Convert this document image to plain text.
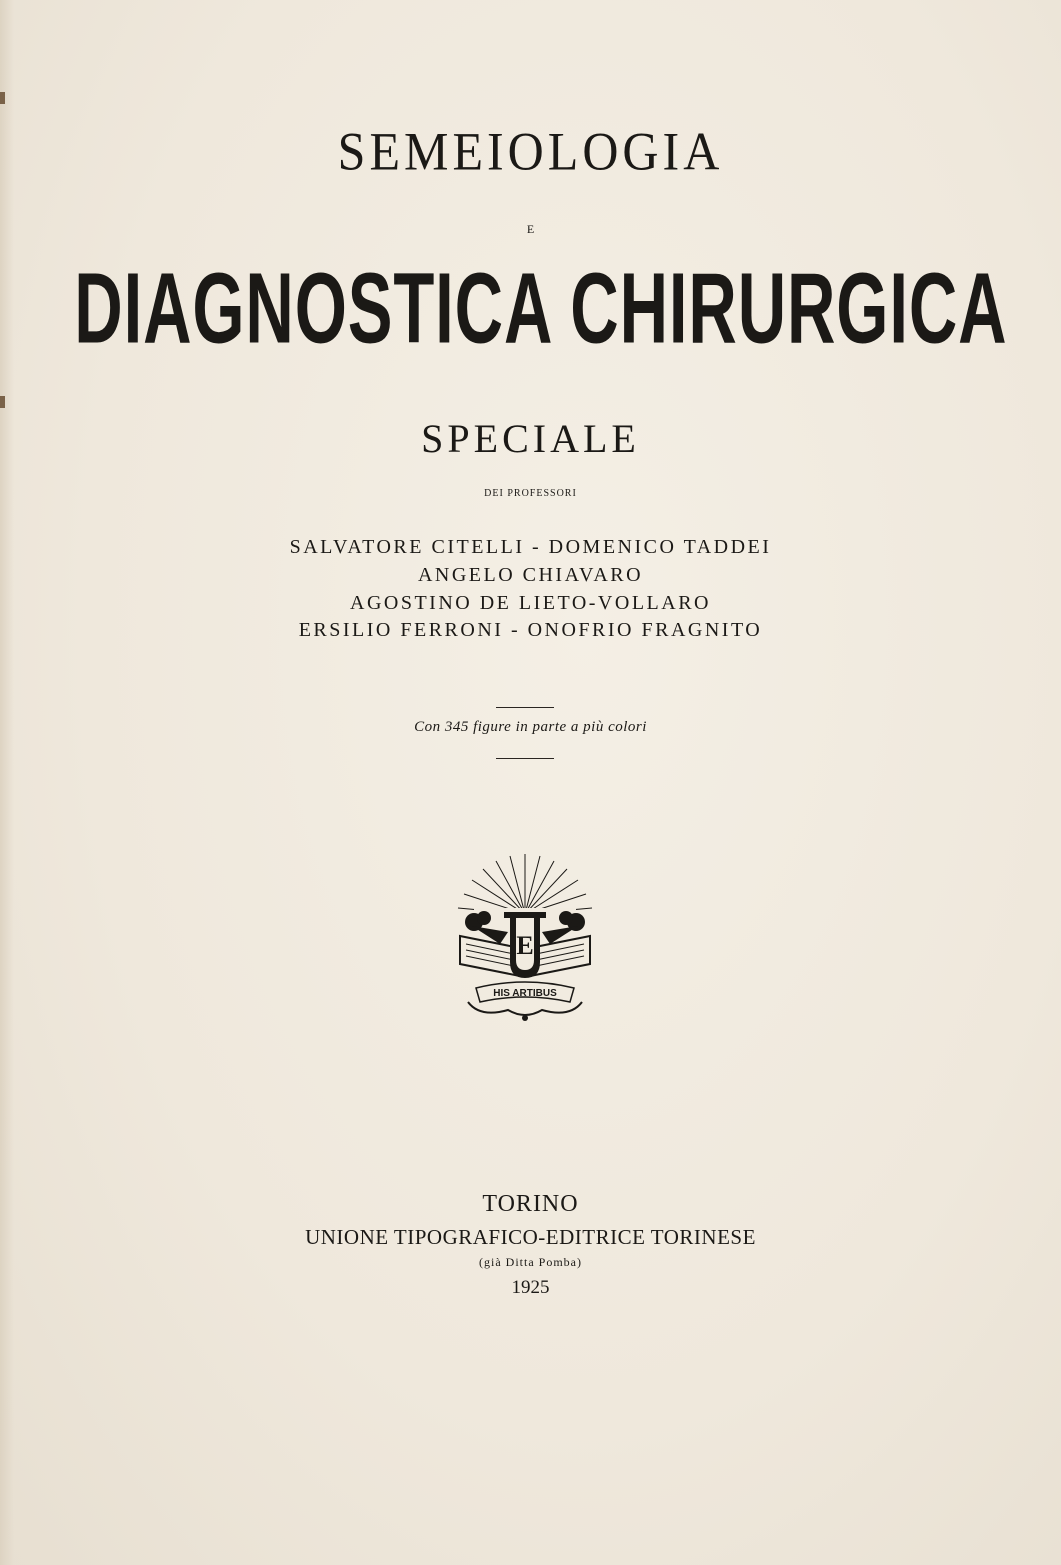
SEMEIOLOGIA
E
DIAGNOSTICA CHIRURGICA
SPECIALE
DEI PROFESSORI
SALVATORE CITELLI - DOMENICO TADDEI
ANGELO CHIAVARO
AGOSTINO DE LIETO-VOLLARO
ERSILIO FERRONI - ONOFRIO FRAGNITO
Con 345 figure in parte a più colori
E
HIS ARTIBUS
TORINO
UNIONE TIPOGRAFICO-EDITRICE TORINESE
(già Ditta Pomba)
1925
